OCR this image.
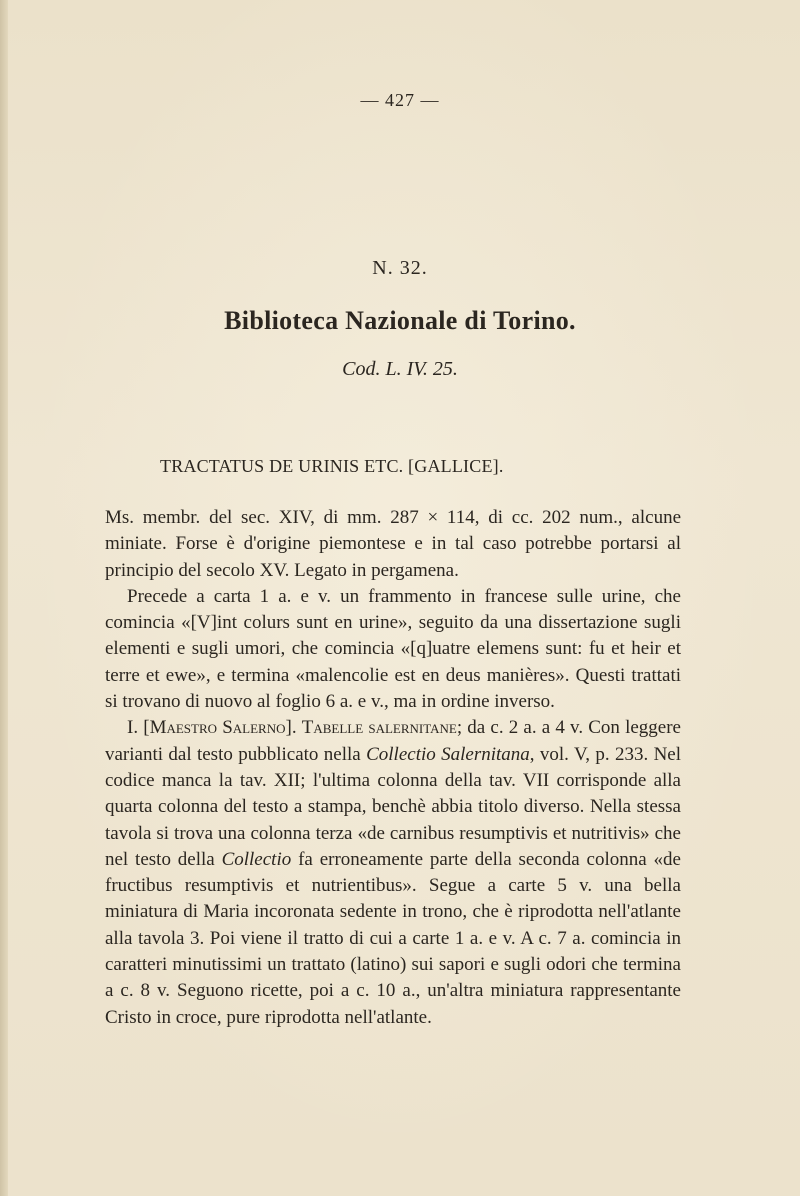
— 427 —
N. 32.
Biblioteca Nazionale di Torino.
Cod. L. IV. 25.
TRACTATUS DE URINIS ETC. [GALLICE].

Ms. membr. del sec. XIV, di mm. 287 × 114, di cc. 202 num., alcune miniate. Forse è d'origine piemontese e in tal caso potrebbe portarsi al principio del secolo XV. Legato in pergamena.

Precede a carta 1 a. e v. un frammento in francese sulle urine, che comincia «[V]int colurs sunt en urine», seguito da una dissertazione sugli elementi e sugli umori, che comincia «[q]uatre elemens sunt: fu et heir et terre et ewe», e termina «malencolie est en deus manières». Questi trattati si trovano di nuovo al foglio 6 a. e v., ma in ordine inverso.

I. [Maestro Salerno]. Tabelle salernitane; da c. 2 a. a 4 v. Con leggere varianti dal testo pubblicato nella Collectio Salernitana, vol. V, p. 233. Nel codice manca la tav. XII; l'ultima colonna della tav. VII corrisponde alla quarta colonna del testo a stampa, benchè abbia titolo diverso. Nella stessa tavola si trova una colonna terza «de carnibus resumptivis et nutritivis» che nel testo della Collectio fa erroneamente parte della seconda colonna «de fructibus resumptivis et nutrientibus». Segue a carte 5 v. una bella miniatura di Maria incoronata sedente in trono, che è riprodotta nell'atlante alla tavola 3. Poi viene il tratto di cui a carte 1 a. e v. A c. 7 a. comincia in caratteri minutissimi un trattato (latino) sui sapori e sugli odori che termina a c. 8 v. Seguono ricette, poi a c. 10 a., un'altra miniatura rappresentante Cristo in croce, pure riprodotta nell'atlante.
